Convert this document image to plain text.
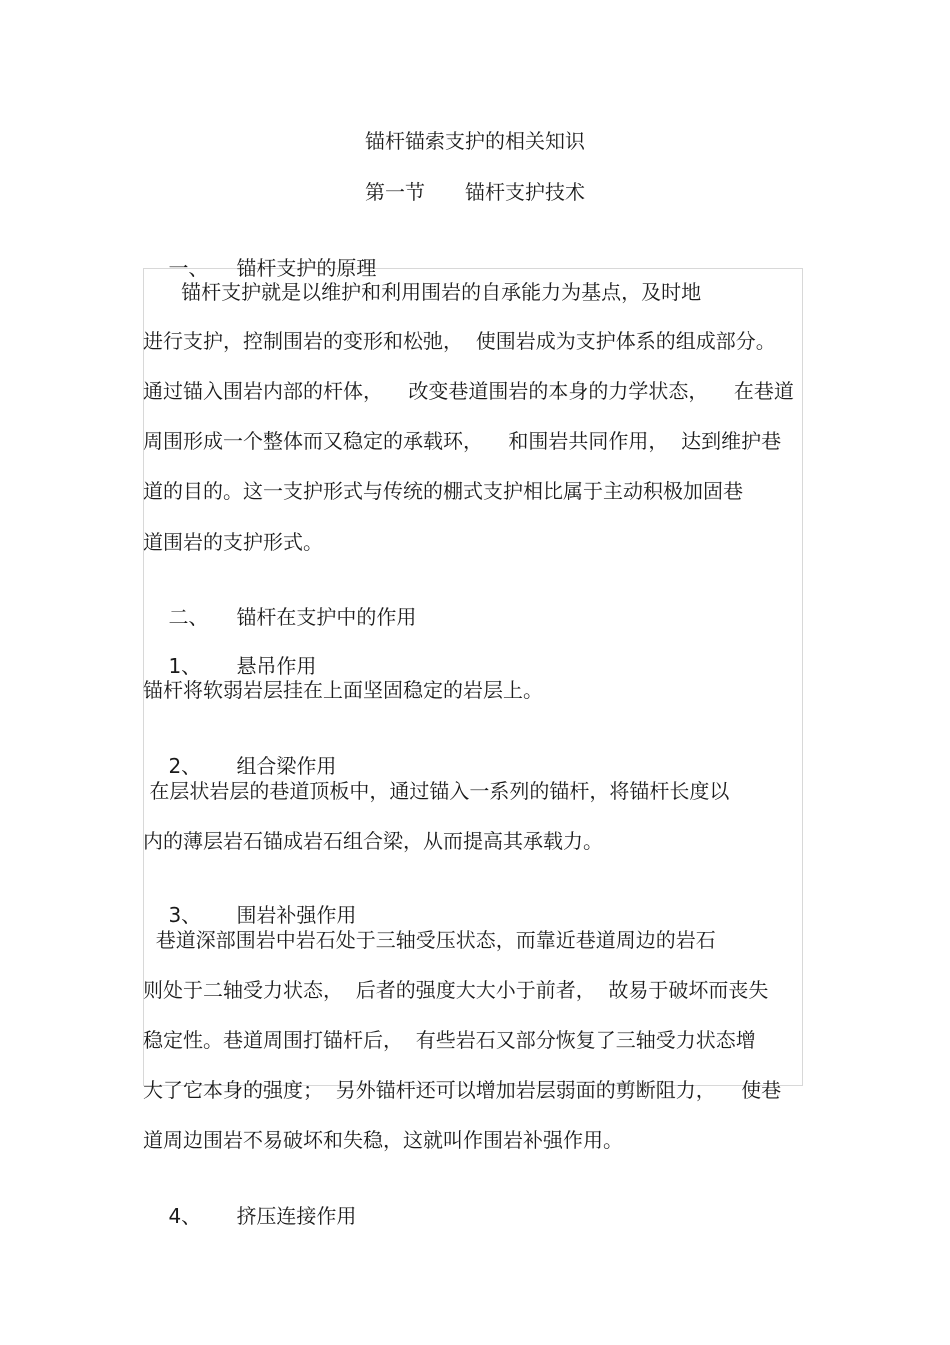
锚杆锚索支护的相关知识
第一节　　锚杆支护技术

一、 锚杆支护的原理

锚杆支护就是以维护和利用围岩的自承能力为基点，及时地
进行支护，控制围岩的变形和松弛，  使围岩成为支护体系的组成部分。
通过锚入围岩内部的杆体，    改变巷道围岩的本身的力学状态，    在巷道
周围形成一个整体而又稳定的承载环，    和围岩共同作用，  达到维护巷
道的目的。这一支护形式与传统的棚式支护相比属于主动积极加固巷
道围岩的支护形式。

二、 锚杆在支护中的作用

1、 悬吊作用

锚杆将软弱岩层挂在上面坚固稳定的岩层上。

2、 组合梁作用

在层状岩层的巷道顶板中，通过锚入一系列的锚杆，将锚杆长度以
内的薄层岩石锚成岩石组合梁，从而提高其承载力。

3、 围岩补强作用

巷道深部围岩中岩石处于三轴受压状态，而靠近巷道周边的岩石
则处于二轴受力状态，  后者的强度大大小于前者，  故易于破坏而丧失
稳定性。巷道周围打锚杆后，  有些岩石又部分恢复了三轴受力状态增
大了它本身的强度；  另外锚杆还可以增加岩层弱面的剪断阻力，    使巷
道周边围岩不易破坏和失稳，这就叫作围岩补强作用。

4、 挤压连接作用
